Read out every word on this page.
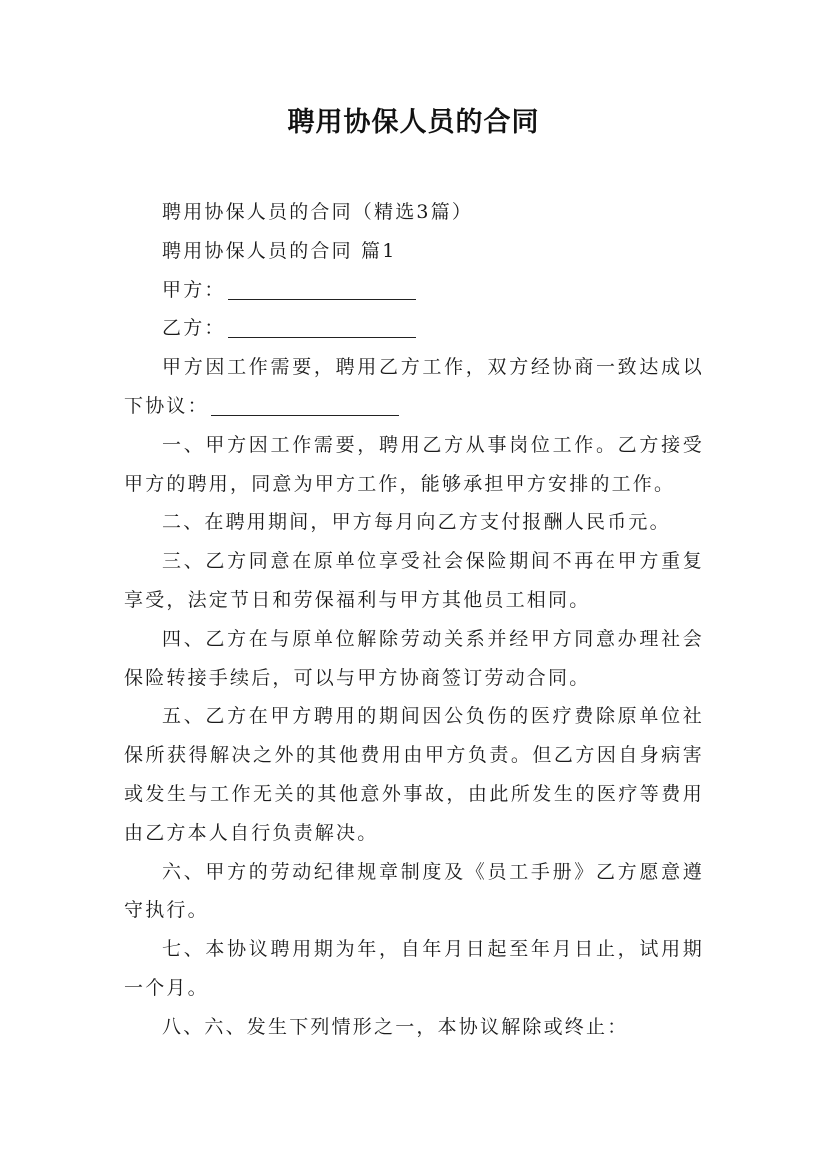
聘用协保人员的合同

聘用协保人员的合同（精选3篇）

聘用协保人员的合同 篇1

甲方：

乙方：

甲方因工作需要，聘用乙方工作，双方经协商一致达成以下协议：

一、甲方因工作需要，聘用乙方从事岗位工作。乙方接受甲方的聘用，同意为甲方工作，能够承担甲方安排的工作。

二、在聘用期间，甲方每月向乙方支付报酬人民币元。

三、乙方同意在原单位享受社会保险期间不再在甲方重复享受，法定节日和劳保福利与甲方其他员工相同。

四、乙方在与原单位解除劳动关系并经甲方同意办理社会保险转接手续后，可以与甲方协商签订劳动合同。

五、乙方在甲方聘用的期间因公负伤的医疗费除原单位社保所获得解决之外的其他费用由甲方负责。但乙方因自身病害或发生与工作无关的其他意外事故，由此所发生的医疗等费用由乙方本人自行负责解决。

六、甲方的劳动纪律规章制度及《员工手册》乙方愿意遵守执行。

七、本协议聘用期为年，自年月日起至年月日止，试用期一个月。

八、六、发生下列情形之一，本协议解除或终止：
